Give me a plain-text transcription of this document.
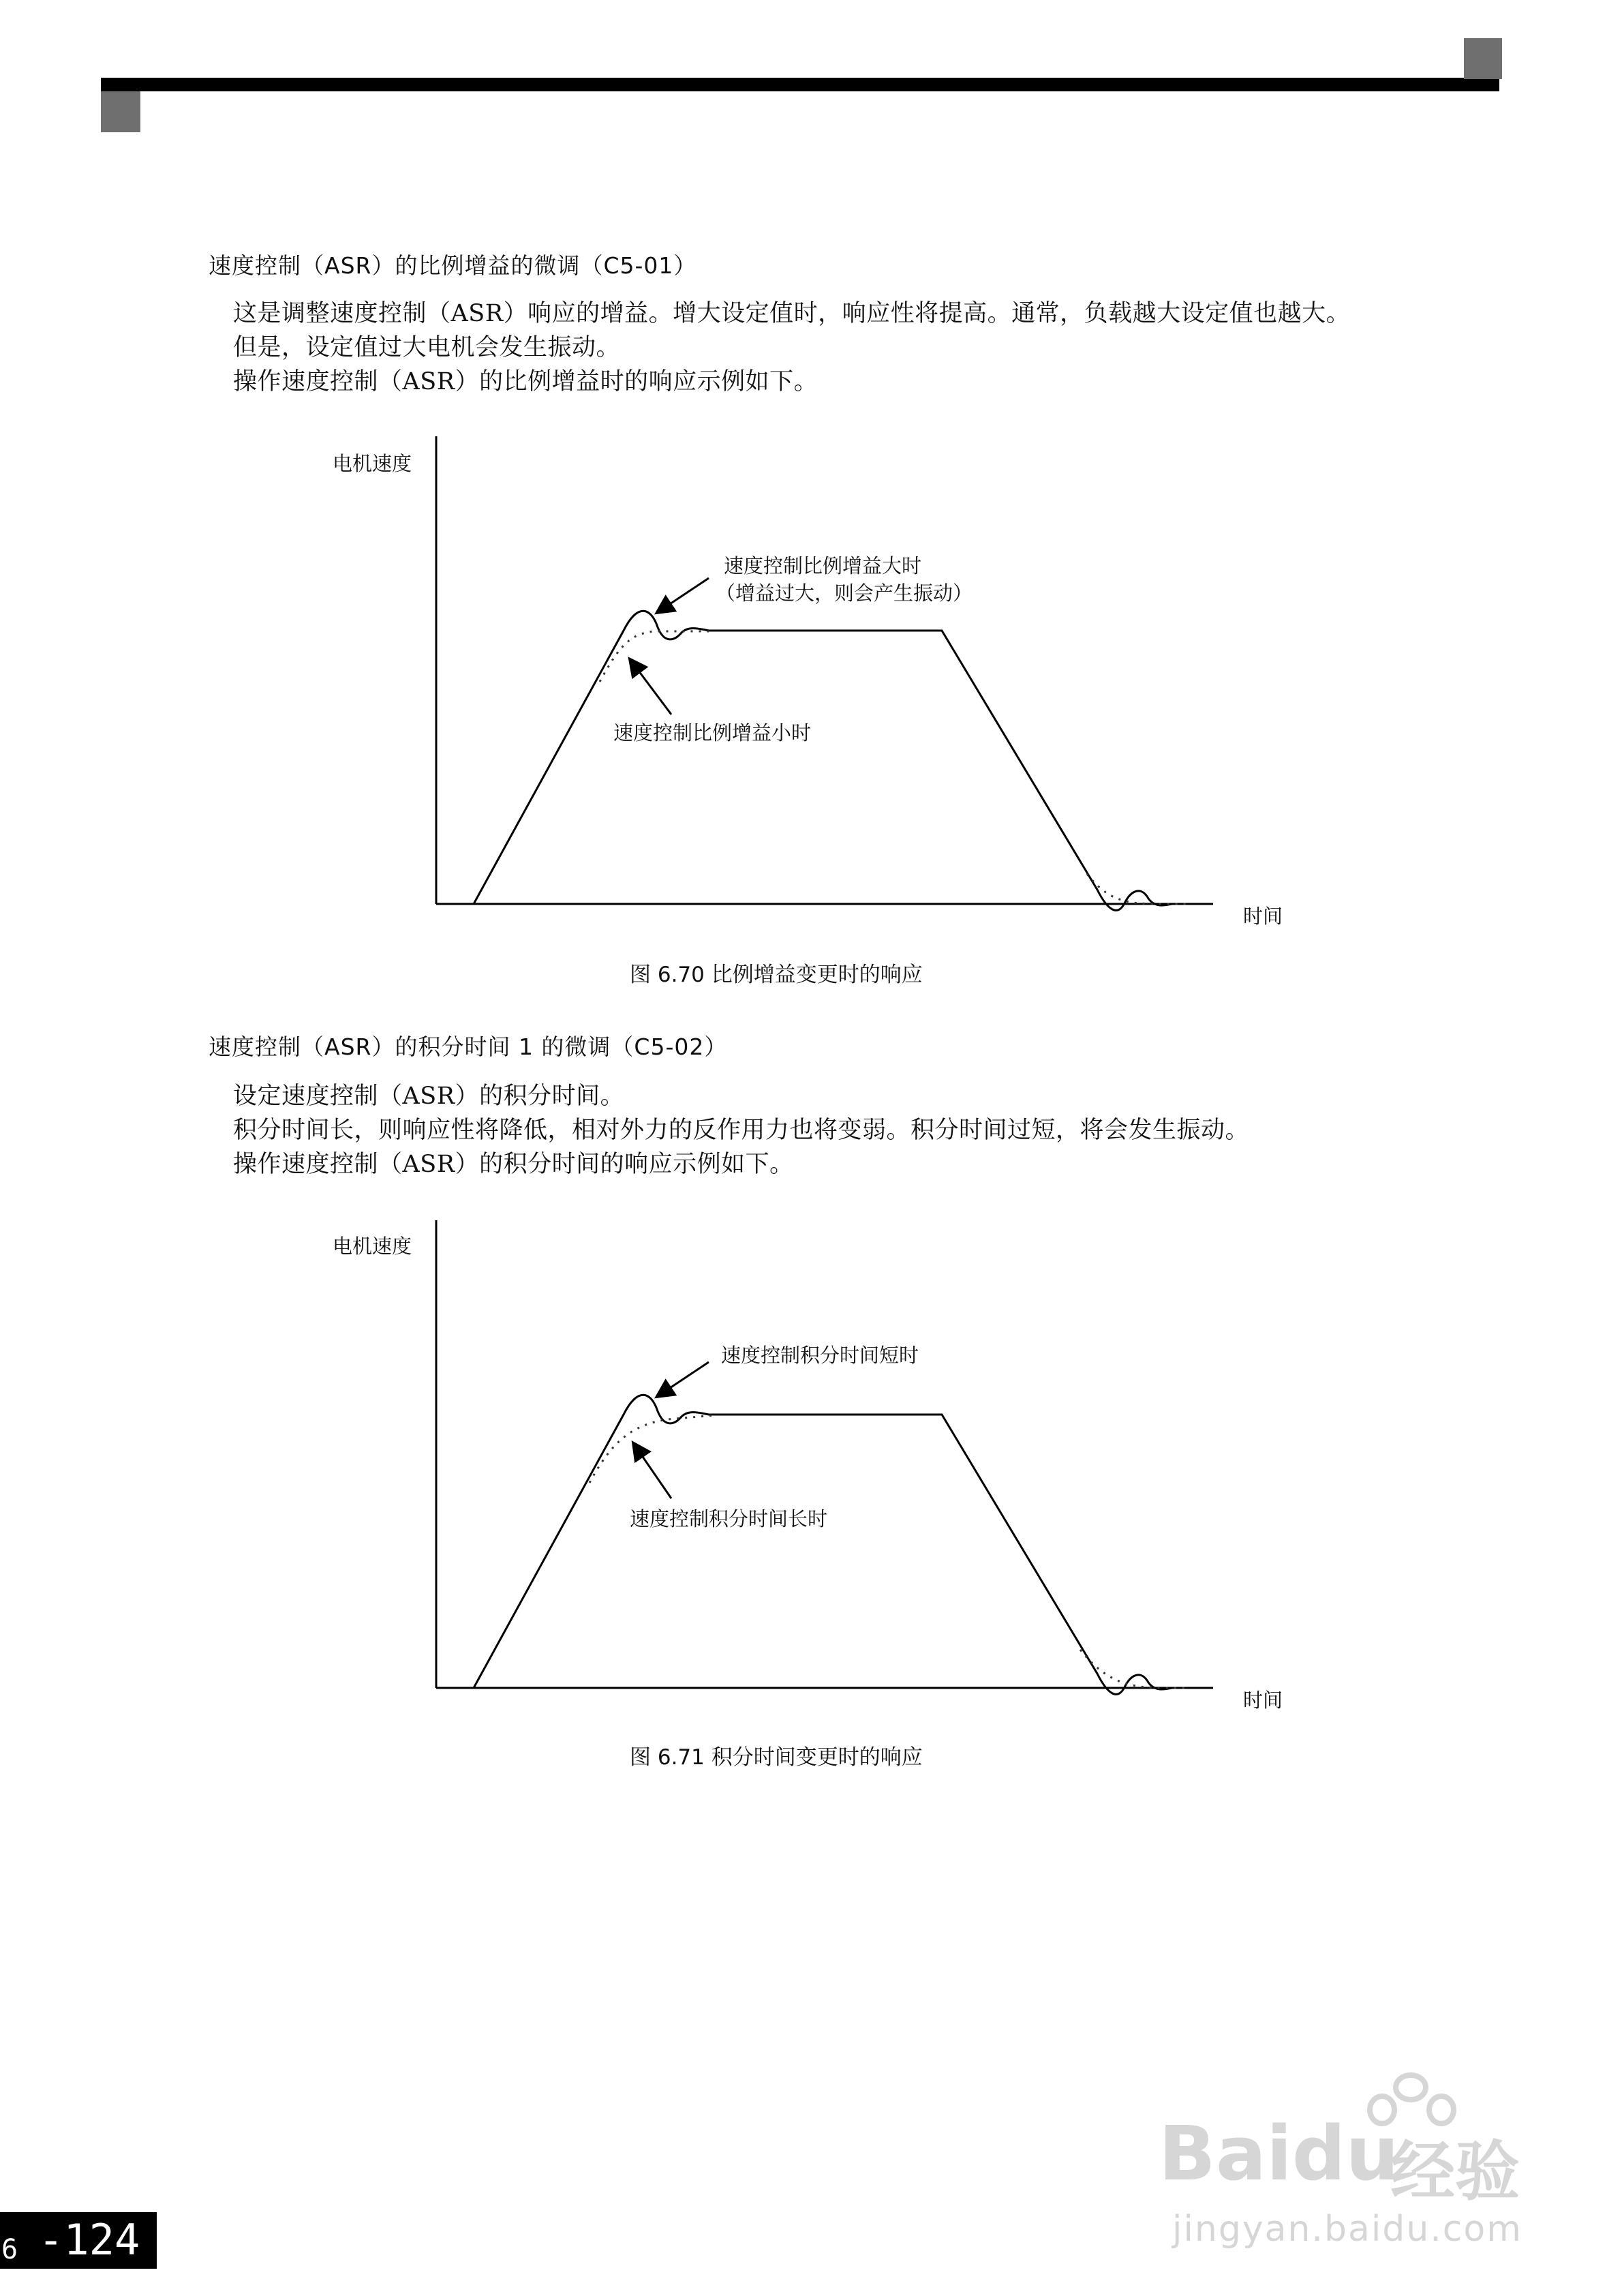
速度控制（ASR）的比例增益的微调（C5-01）
这是调整速度控制（ASR）响应的增益。增大设定值时，响应性将提高。通常，负载越大设定值也越大。
但是，设定值过大电机会发生振动。
操作速度控制（ASR）的比例增益时的响应示例如下。
电机速度
速度控制比例增益大时
（增益过大，则会产生振动）
速度控制比例增益小时
时间
图 6.70 比例增益变更时的响应
速度控制（ASR）的积分时间 1 的微调（C5-02）
设定速度控制（ASR）的积分时间。
积分时间长，则响应性将降低，相对外力的反作用力也将变弱。积分时间过短，将会发生振动。
操作速度控制（ASR）的积分时间的响应示例如下。
电机速度
速度控制积分时间短时
速度控制积分时间长时
时间
图 6.71 积分时间变更时的响应
Baidu
经验
jingyan.baidu.com
6 -124
